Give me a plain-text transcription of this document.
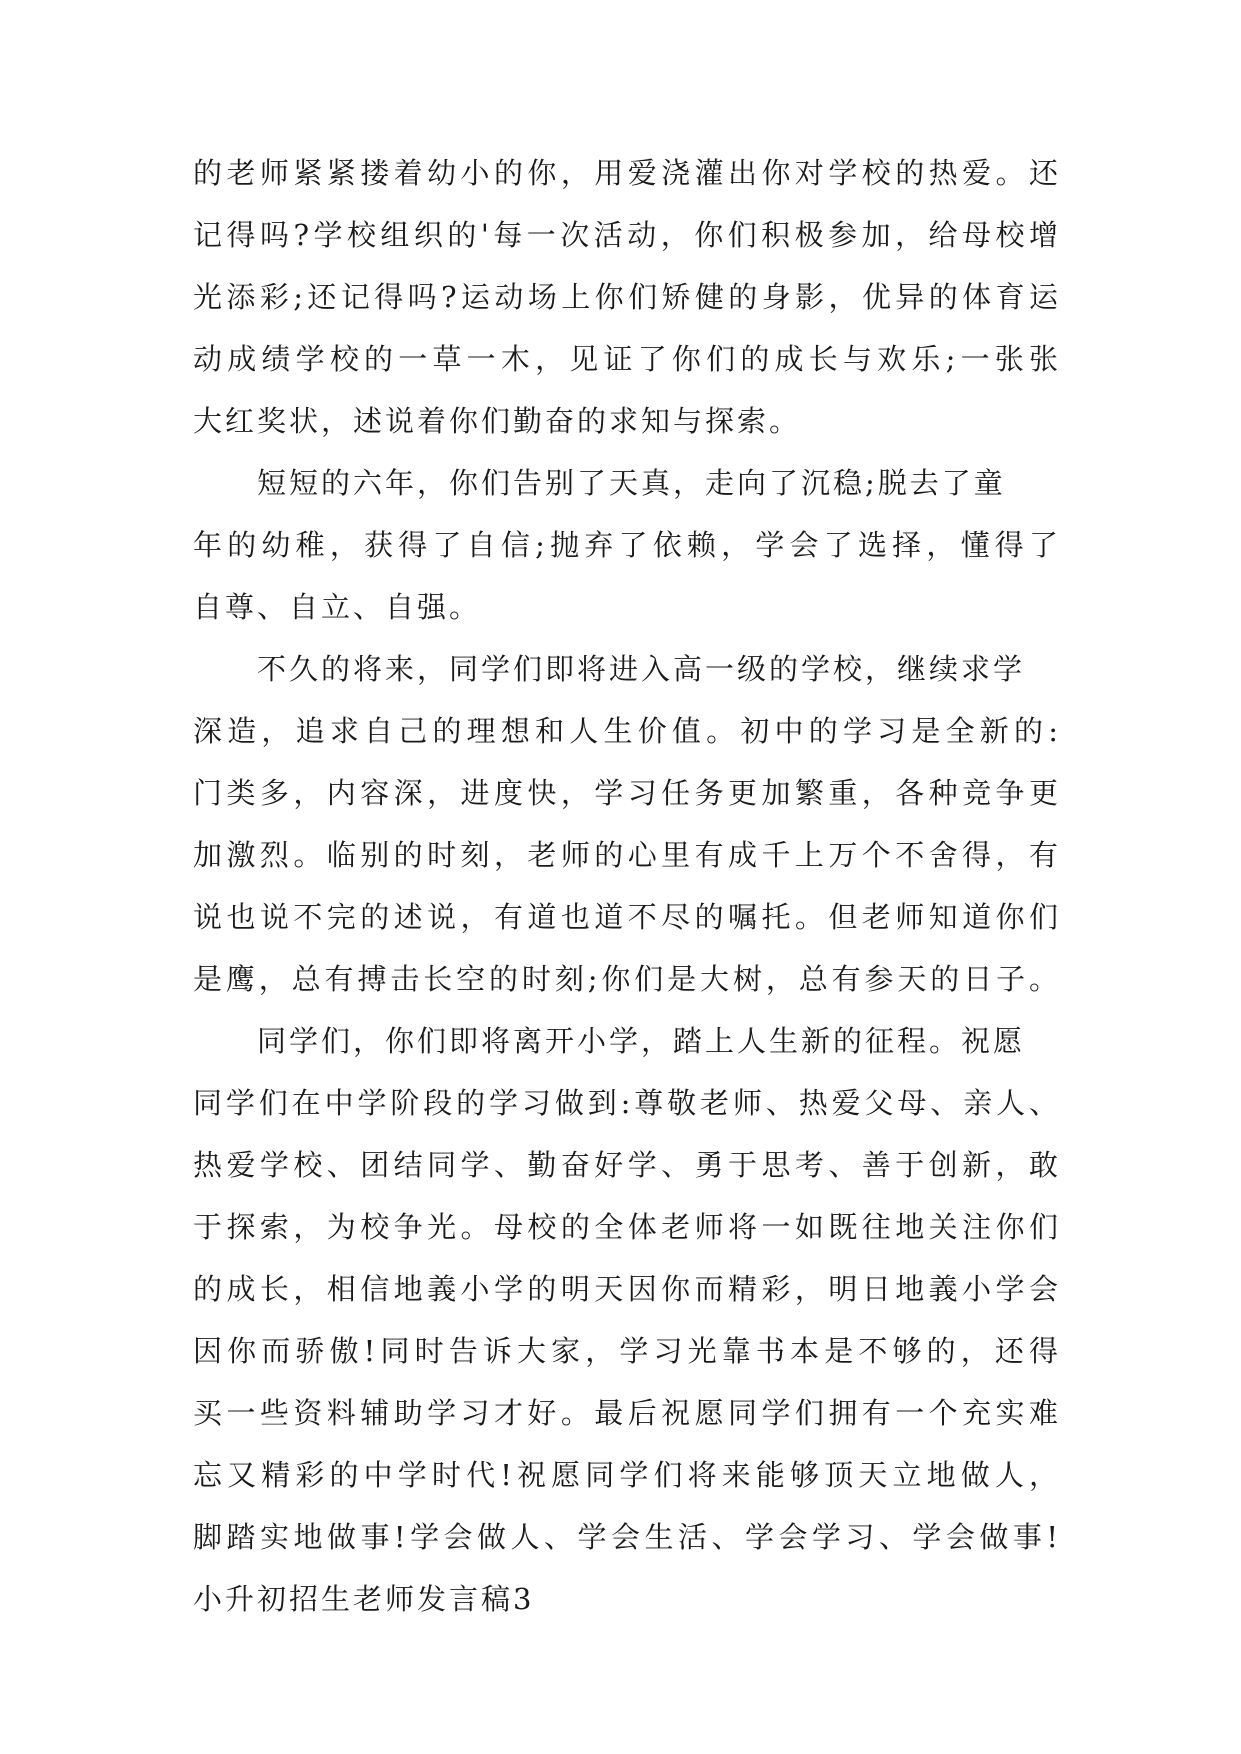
的老师紧紧搂着幼小的你，用爱浇灌出你对学校的热爱。还
记得吗?学校组织的'每一次活动，你们积极参加，给母校增
光添彩;还记得吗?运动场上你们矫健的身影，优异的体育运
动成绩学校的一草一木，见证了你们的成长与欢乐;一张张
大红奖状，述说着你们勤奋的求知与探索。
短短的六年，你们告别了天真，走向了沉稳;脱去了童
年的幼稚，获得了自信;抛弃了依赖，学会了选择，懂得了
自尊、自立、自强。
不久的将来，同学们即将进入高一级的学校，继续求学
深造，追求自己的理想和人生价值。初中的学习是全新的:
门类多，内容深，进度快，学习任务更加繁重，各种竞争更
加激烈。临别的时刻，老师的心里有成千上万个不舍得，有
说也说不完的述说，有道也道不尽的嘱托。但老师知道你们
是鹰，总有搏击长空的时刻;你们是大树，总有参天的日子。
同学们，你们即将离开小学，踏上人生新的征程。祝愿
同学们在中学阶段的学习做到:尊敬老师、热爱父母、亲人、
热爱学校、团结同学、勤奋好学、勇于思考、善于创新，敢
于探索，为校争光。母校的全体老师将一如既往地关注你们
的成长，相信地義小学的明天因你而精彩，明日地義小学会
因你而骄傲!同时告诉大家，学习光靠书本是不够的，还得
买一些资料辅助学习才好。最后祝愿同学们拥有一个充实难
忘又精彩的中学时代!祝愿同学们将来能够顶天立地做人，
脚踏实地做事!学会做人、学会生活、学会学习、学会做事!
小升初招生老师发言稿3
